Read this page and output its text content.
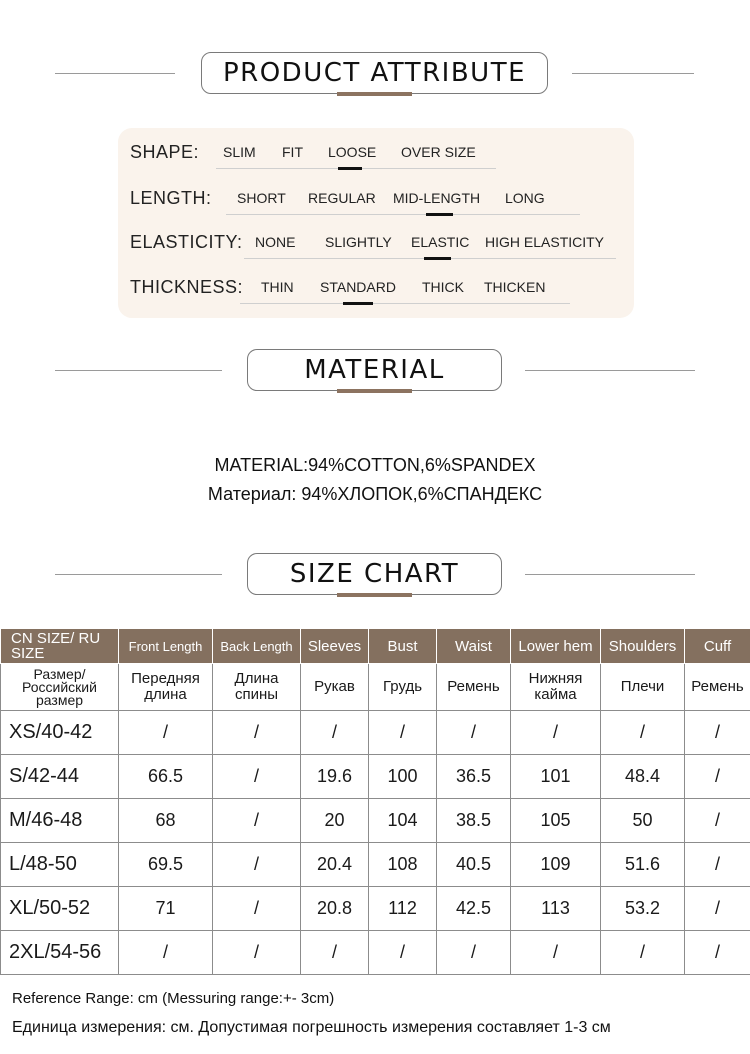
PRODUCT ATTRIBUTE
SHAPE: SLIM FIT LOOSE OVER SIZE
LENGTH: SHORT REGULAR MID-LENGTH LONG
ELASTICITY: NONE SLIGHTLY ELASTIC HIGH ELASTICITY
THICKNESS: THIN STANDARD THICK THICKEN
MATERIAL
MATERIAL:94%COTTON,6%SPANDEX
Материал: 94%ХЛОПОК,6%СПАНДЕКС
SIZE CHART
CN SIZE/ RU SIZE	Front Length	Back Length	Sleeves	Bust	Waist	Lower hem	Shoulders	Cuff
Размер/ Российский размер	Передняя длина	Длина спины	Рукав	Грудь	Ремень	Нижняя кайма	Плечи	Ремень
XS/40-42	/	/	/	/	/	/	/	/
S/42-44	66.5	/	19.6	100	36.5	101	48.4	/
M/46-48	68	/	20	104	38.5	105	50	/
L/48-50	69.5	/	20.4	108	40.5	109	51.6	/
XL/50-52	71	/	20.8	112	42.5	113	53.2	/
2XL/54-56	/	/	/	/	/	/	/	/
Reference Range: cm (Messuring range:+- 3cm)
Единица измерения: см. Допустимая погрешность измерения составляет 1-3 см
